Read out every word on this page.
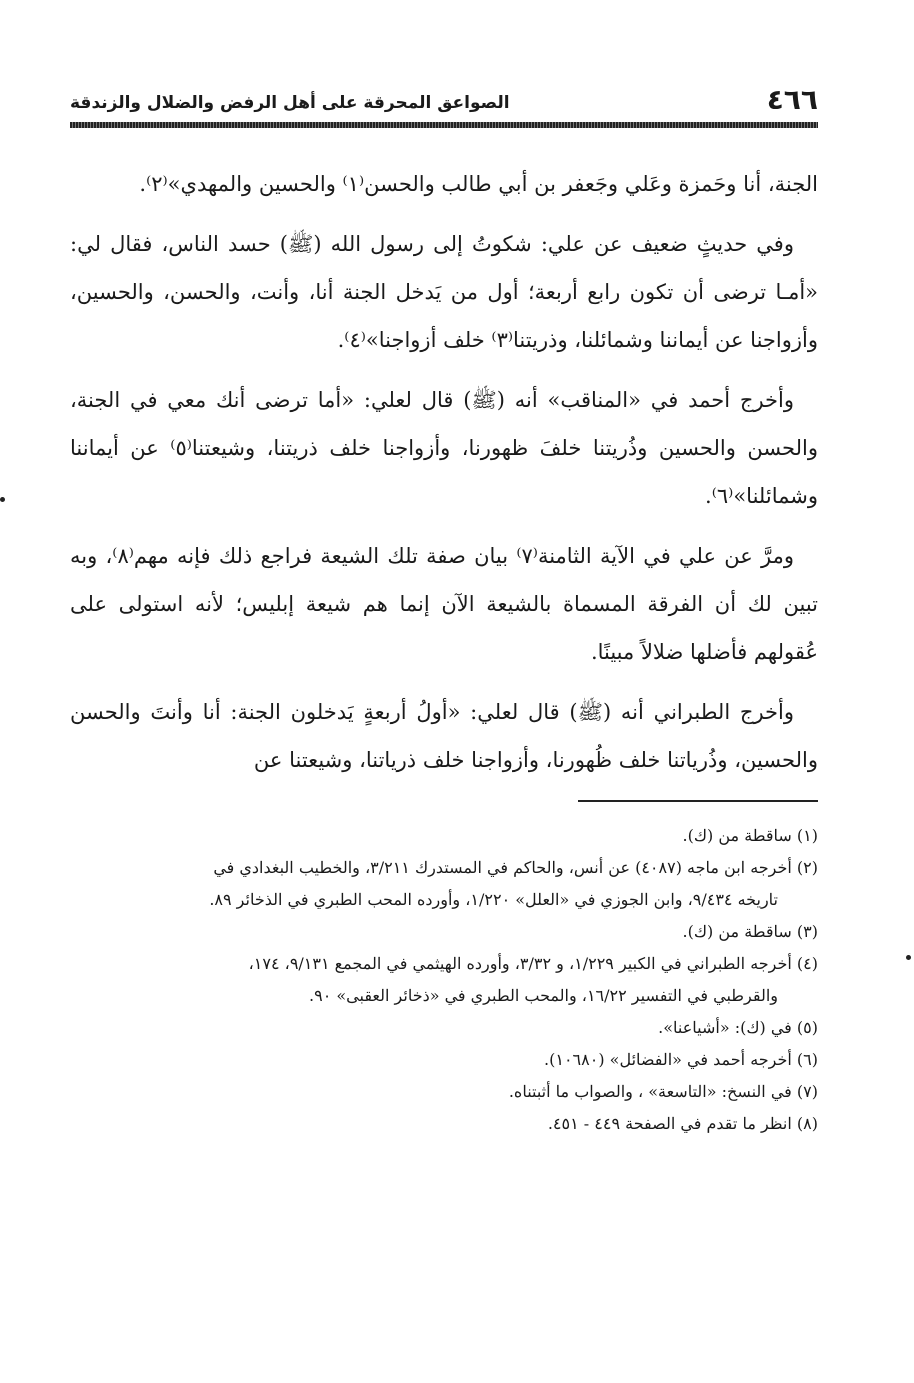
٤٦٦
الصواعق المحرقة على أهل الرفض والضلال والزندقة

الجنة، أنا وحَمزة وعَلي وجَعفر بن أبي طالب والحسن⁽١⁾ والحسين والمهدي»⁽٢⁾.

وفي حديثٍ ضعيف عن علي: شكوتُ إلى رسول الله (ﷺ) حسد الناس، فقال لي: «أمـا ترضى أن تكون رابع أربعة؛ أول من يَدخل الجنة أنا، وأنت، والحسن، والحسين، وأزواجنا عن أيماننا وشمائلنا، وذريتنا⁽٣⁾ خلف أزواجنا»⁽٤⁾.

وأخرج أحمد في «المناقب» أنه (ﷺ) قال لعلي: «أما ترضى أنك معي في الجنة، والحسن والحسين وذُريتنا خلفَ ظهورنا، وأزواجنا خلف ذريتنا، وشيعتنا⁽٥⁾ عن أيماننا وشمائلنا»⁽٦⁾.

ومرَّ عن علي في الآية الثامنة⁽٧⁾ بيان صفة تلك الشيعة فراجع ذلك فإنه مهم⁽٨⁾، وبه تبين لك أن الفرقة المسماة بالشيعة الآن إنما هم شيعة إبليس؛ لأنه استولى على عُقولهم فأضلها ضلالاً مبينًا.

وأخرج الطبراني أنه (ﷺ) قال لعلي: «أولُ أربعةٍ يَدخلون الجنة: أنا وأنتَ والحسن والحسين، وذُرياتنا خلف ظُهورنا، وأزواجنا خلف ذرياتنا، وشيعتنا عن

(١) ساقطة من (ك).

(٢) أخرجه ابن ماجه (٤٠٨٧) عن أنس، والحاكم في المستدرك ٣/٢١١، والخطيب البغدادي في
تاريخه ٩/٤٣٤، وابن الجوزي في «العلل» ١/٢٢٠، وأورده المحب الطبري في الذخائر ٨٩.

(٣) ساقطة من (ك).

(٤) أخرجه الطبراني في الكبير ١/٢٢٩، و ٣/٣٢، وأورده الهيثمي في المجمع ٩/١٣١، ١٧٤،
والقرطبي في التفسير ١٦/٢٢، والمحب الطبري في «ذخائر العقبى» ٩٠.

(٥) في (ك): «أشياعنا».

(٦) أخرجه أحمد في «الفضائل» (١٠٦٨٠).

(٧) في النسخ: «التاسعة» ، والصواب ما أثبتناه.

(٨) انظر ما تقدم في الصفحة ٤٤٩ - ٤٥١.
